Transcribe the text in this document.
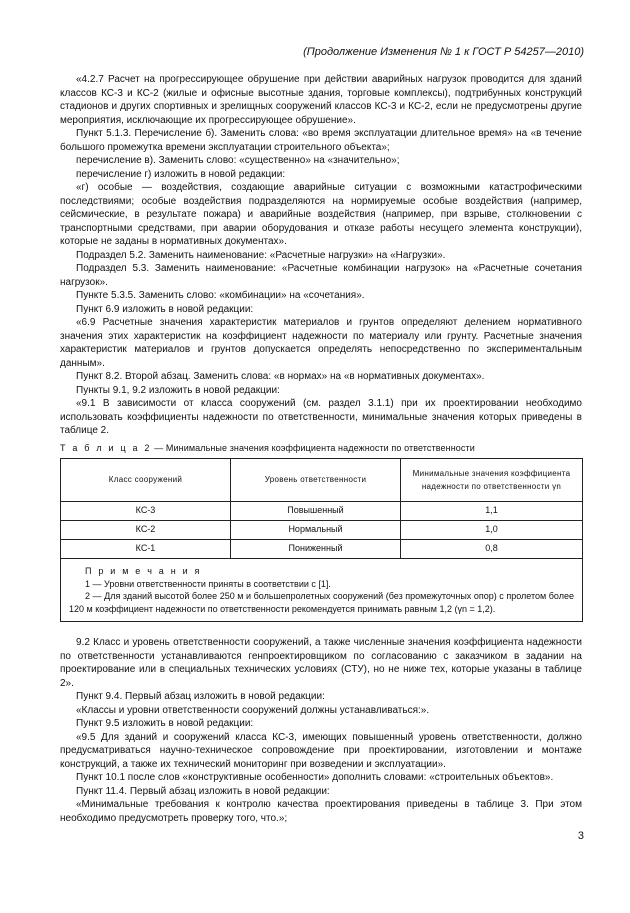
(Продолжение Изменения № 1 к ГОСТ Р 54257—2010)

«4.2.7 Расчет на прогрессирующее обрушение при действии аварийных нагрузок проводится для зданий классов КС-3 и КС-2 (жилые и офисные высотные здания, торговые комплексы), подтрибунных конструкций стадионов и других спортивных и зрелищных сооружений классов КС-3 и КС-2, если не предусмотрены другие мероприятия, исключающие их прогрессирующее обрушение».

Пункт 5.1.3. Перечисление б). Заменить слова: «во время эксплуатации длительное время» на «в течение большого промежутка времени эксплуатации строительного объекта»;

перечисление в). Заменить слово: «существенно» на «значительно»;

перечисление г) изложить в новой редакции:

«г) особые — воздействия, создающие аварийные ситуации с возможными катастрофическими последствиями; особые воздействия подразделяются на нормируемые особые воздействия (например, сейсмические, в результате пожара) и аварийные воздействия (например, при взрыве, столкновении с транспортными средствами, при аварии оборудования и отказе работы несущего элемента конструкции), которые не заданы в нормативных документах».

Подраздел 5.2. Заменить наименование: «Расчетные нагрузки» на «Нагрузки».

Подраздел 5.3. Заменить наименование: «Расчетные комбинации нагрузок» на «Расчетные сочетания нагрузок».

Пункте 5.3.5. Заменить слово: «комбинации» на «сочетания».

Пункт 6.9 изложить в новой редакции:

«6.9 Расчетные значения характеристик материалов и грунтов определяют делением нормативного значения этих характеристик на коэффициент надежности по материалу или грунту. Расчетные значения характеристик материалов и грунтов допускается определять непосредственно по экспериментальным данным».

Пункт 8.2. Второй абзац. Заменить слова: «в нормах» на «в нормативных документах».

Пункты 9.1, 9.2 изложить в новой редакции:

«9.1 В зависимости от класса сооружений (см. раздел 3.1.1) при их проектировании необходимо использовать коэффициенты надежности по ответственности, минимальные значения которых приведены в таблице 2.

Т а б л и ц а 2 — Минимальные значения коэффициента надежности по ответственности

Класс сооружений	Уровень ответственности	Минимальные значения коэффициента надежности по ответственности γn
КС-3	Повышенный	1,1
КС-2	Нормальный	1,0
КС-1	Пониженный	0,8

П р и м е ч а н и я

1 — Уровни ответственности приняты в соответствии с [1].

2 — Для зданий высотой более 250 м и большепролетных сооружений (без промежуточных опор) с пролетом более 120 м коэффициент надежности по ответственности рекомендуется принимать равным 1,2 (γn = 1,2).		

9.2 Класс и уровень ответственности сооружений, а также численные значения коэффициента надежности по ответственности устанавливаются генпроектировщиком по согласованию с заказчиком в задании на проектирование или в специальных технических условиях (СТУ), но не ниже тех, которые указаны в таблице 2».

Пункт 9.4. Первый абзац изложить в новой редакции:

«Классы и уровни ответственности сооружений должны устанавливаться:».

Пункт 9.5 изложить в новой редакции:

«9.5 Для зданий и сооружений класса КС-3, имеющих повышенный уровень ответственности, должно предусматриваться научно-техническое сопровождение при проектировании, изготовлении и монтаже конструкций, а также их технический мониторинг при возведении и эксплуатации».

Пункт 10.1 после слов «конструктивные особенности» дополнить словами: «строительных объектов».

Пункт 11.4. Первый абзац изложить в новой редакции:

«Минимальные требования к контролю качества проектирования приведены в таблице 3. При этом необходимо предусмотреть проверку того, что.»;

3
